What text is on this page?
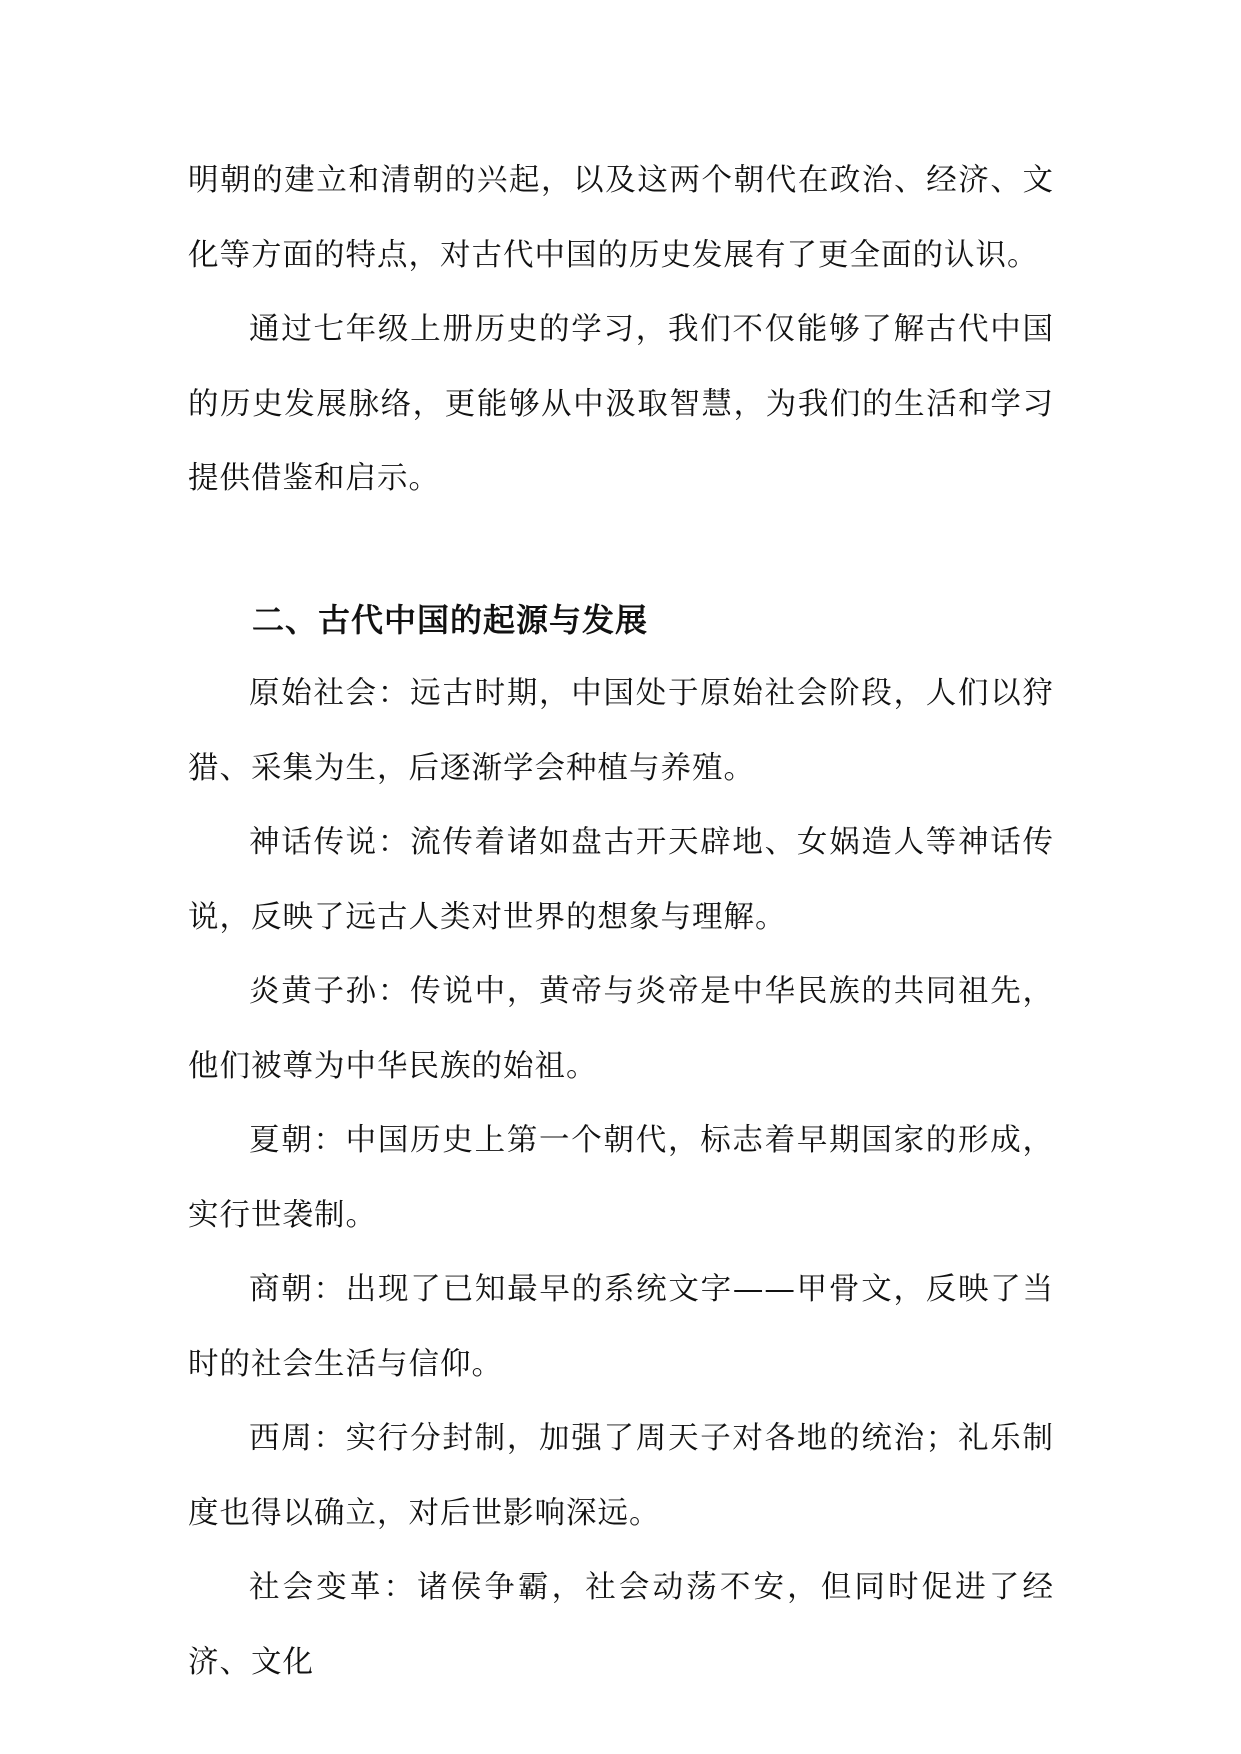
明朝的建立和清朝的兴起，以及这两个朝代在政治、经济、文化等方面的特点，对古代中国的历史发展有了更全面的认识。

通过七年级上册历史的学习，我们不仅能够了解古代中国的历史发展脉络，更能够从中汲取智慧，为我们的生活和学习提供借鉴和启示。

二、古代中国的起源与发展

原始社会：远古时期，中国处于原始社会阶段，人们以狩猎、采集为生，后逐渐学会种植与养殖。

神话传说：流传着诸如盘古开天辟地、女娲造人等神话传说，反映了远古人类对世界的想象与理解。

炎黄子孙：传说中，黄帝与炎帝是中华民族的共同祖先，他们被尊为中华民族的始祖。

夏朝：中国历史上第一个朝代，标志着早期国家的形成，实行世袭制。

商朝：出现了已知最早的系统文字——甲骨文，反映了当时的社会生活与信仰。

西周：实行分封制，加强了周天子对各地的统治；礼乐制度也得以确立，对后世影响深远。

社会变革：诸侯争霸，社会动荡不安，但同时促进了经济、文化
